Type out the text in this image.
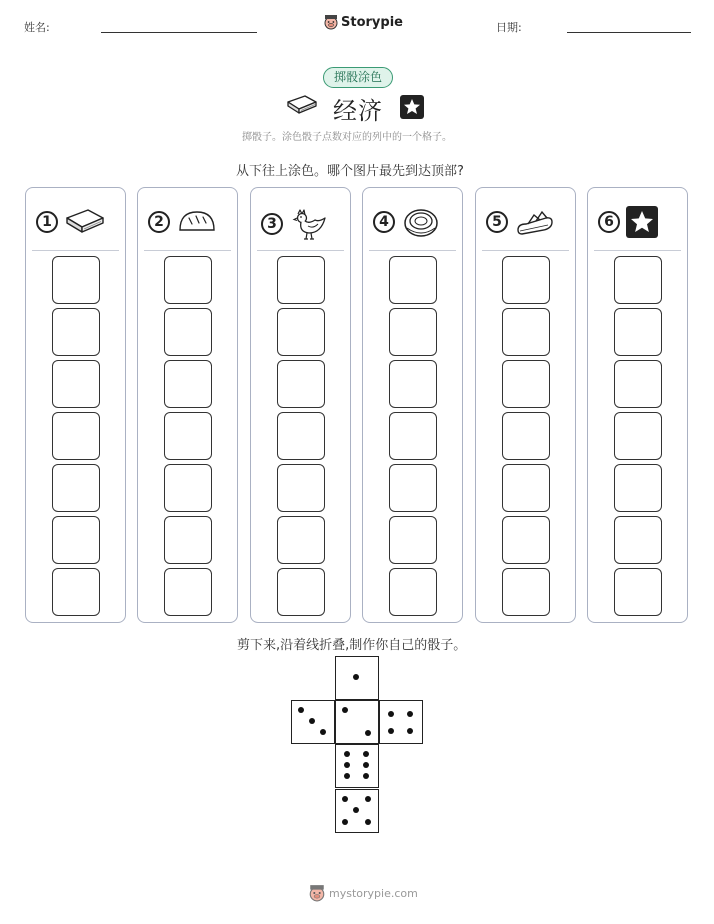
姓名:	Storypie	日期:
掷骰涂色
经济
掷骰子。涂色骰子点数对应的列中的一个格子。
从下往上涂色。哪个图片最先到达顶部?
1	2	3	4	5	6
剪下来,沿着线折叠,制作你自己的骰子。
mystorypie.com
